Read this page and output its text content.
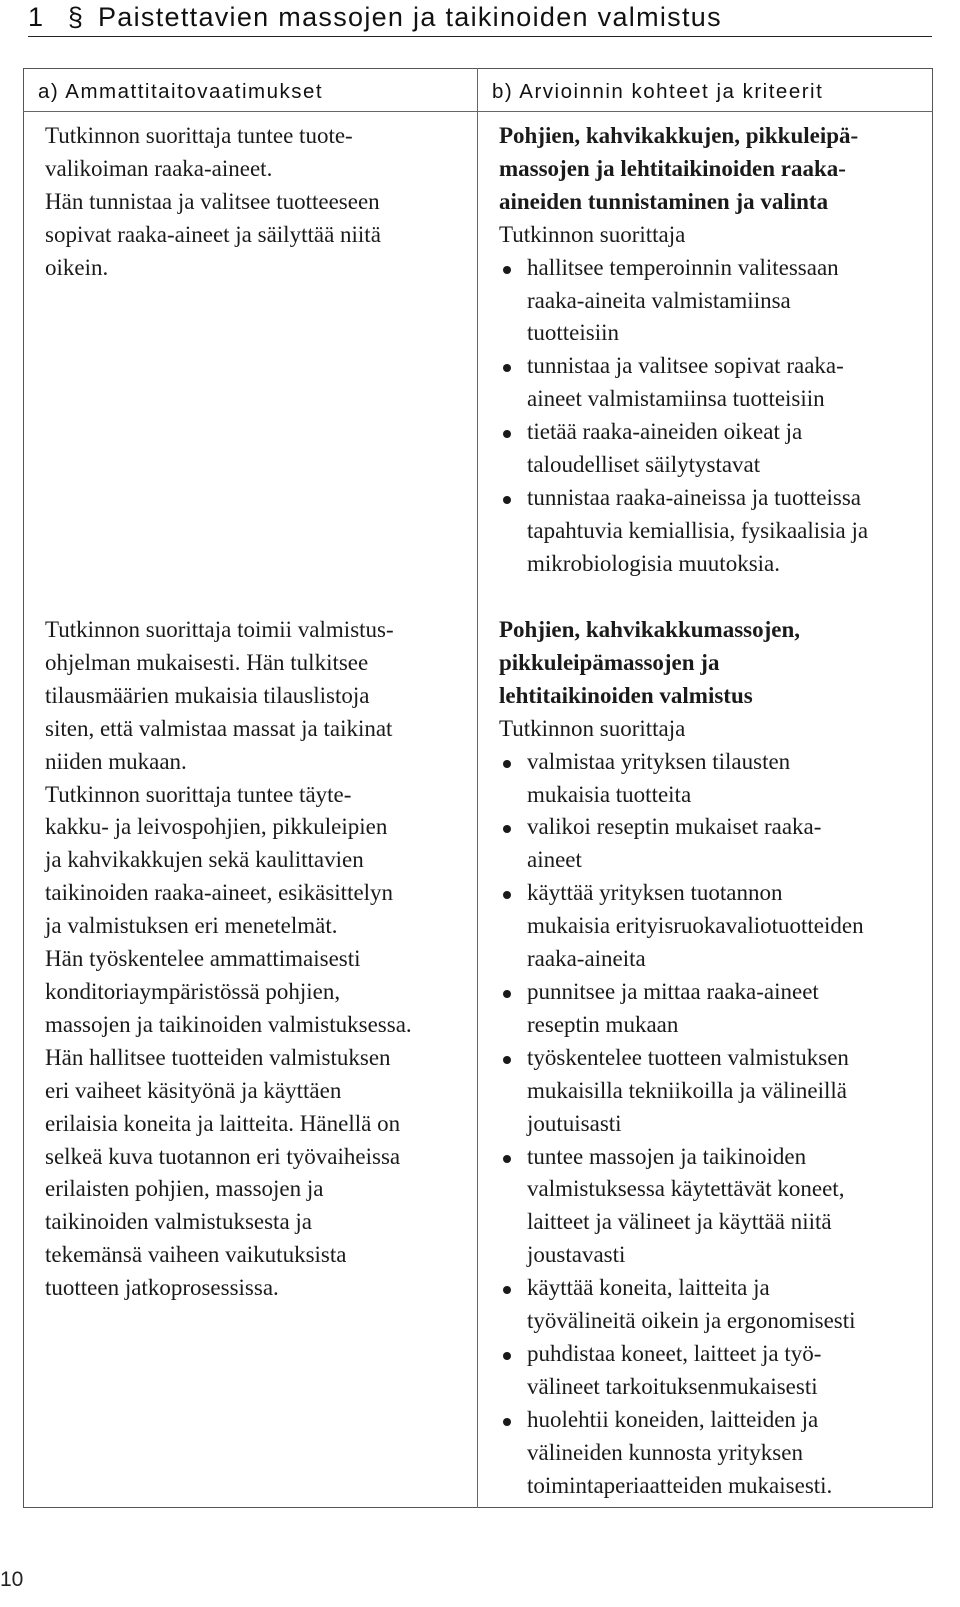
1 § Paistettavien massojen ja taikinoiden valmistus
a) Ammattitaitovaatimukset	b) Arvioinnin kohteet ja kriteerit
Tutkinnon suorittaja tuntee tuote-
valikoiman raaka-aineet.
Hän tunnistaa ja valitsee tuotteeseen
sopivat raaka-aineet ja säilyttää niitä
oikein.
Tutkinnon suorittaja toimii valmistus-
ohjelman mukaisesti. Hän tulkitsee
tilausmäärien mukaisia tilauslistoja
siten, että valmistaa massat ja taikinat
niiden mukaan.
Tutkinnon suorittaja tuntee täyte-
kakku- ja leivospohjien, pikkuleipien
ja kahvikakkujen sekä kaulittavien
taikinoiden raaka-aineet, esikäsittelyn
ja valmistuksen eri menetelmät.
Hän työskentelee ammattimaisesti
konditoriaympäristössä pohjien,
massojen ja taikinoiden valmistuksessa.
Hän hallitsee tuotteiden valmistuksen
eri vaiheet käsityönä ja käyttäen
erilaisia koneita ja laitteita. Hänellä on
selkeä kuva tuotannon eri työvaiheissa
erilaisten pohjien, massojen ja
taikinoiden valmistuksesta ja
tekemänsä vaiheen vaikutuksista
tuotteen jatkoprosessissa.
Pohjien, kahvikakkujen, pikkuleipä-
massojen ja lehtitaikinoiden raaka-
aineiden tunnistaminen ja valinta
Tutkinnon suorittaja
hallitsee temperoinnin valitessaan
raaka-aineita valmistamiinsa
tuotteisiin
tunnistaa ja valitsee sopivat raaka-
aineet valmistamiinsa tuotteisiin
tietää raaka-aineiden oikeat ja
taloudelliset säilytystavat
tunnistaa raaka-aineissa ja tuotteissa
tapahtuvia kemiallisia, fysikaalisia ja
mikrobiologisia muutoksia.
Pohjien, kahvikakkumassojen,
pikkuleipämassojen ja
lehtitaikinoiden valmistus
Tutkinnon suorittaja
valmistaa yrityksen tilausten
mukaisia tuotteita
valikoi reseptin mukaiset raaka-
aineet
käyttää yrityksen tuotannon
mukaisia erityisruokavaliotuotteiden
raaka-aineita
punnitsee ja mittaa raaka-aineet
reseptin mukaan
työskentelee tuotteen valmistuksen
mukaisilla tekniikoilla ja välineillä
joutuisasti
tuntee massojen ja taikinoiden
valmistuksessa käytettävät koneet,
laitteet ja välineet ja käyttää niitä
joustavasti
käyttää koneita, laitteita ja
työvälineitä oikein ja ergonomisesti
puhdistaa koneet, laitteet ja työ-
välineet tarkoituksenmukaisesti
huolehtii koneiden, laitteiden ja
välineiden kunnosta yrityksen
toimintaperiaatteiden mukaisesti.
10
